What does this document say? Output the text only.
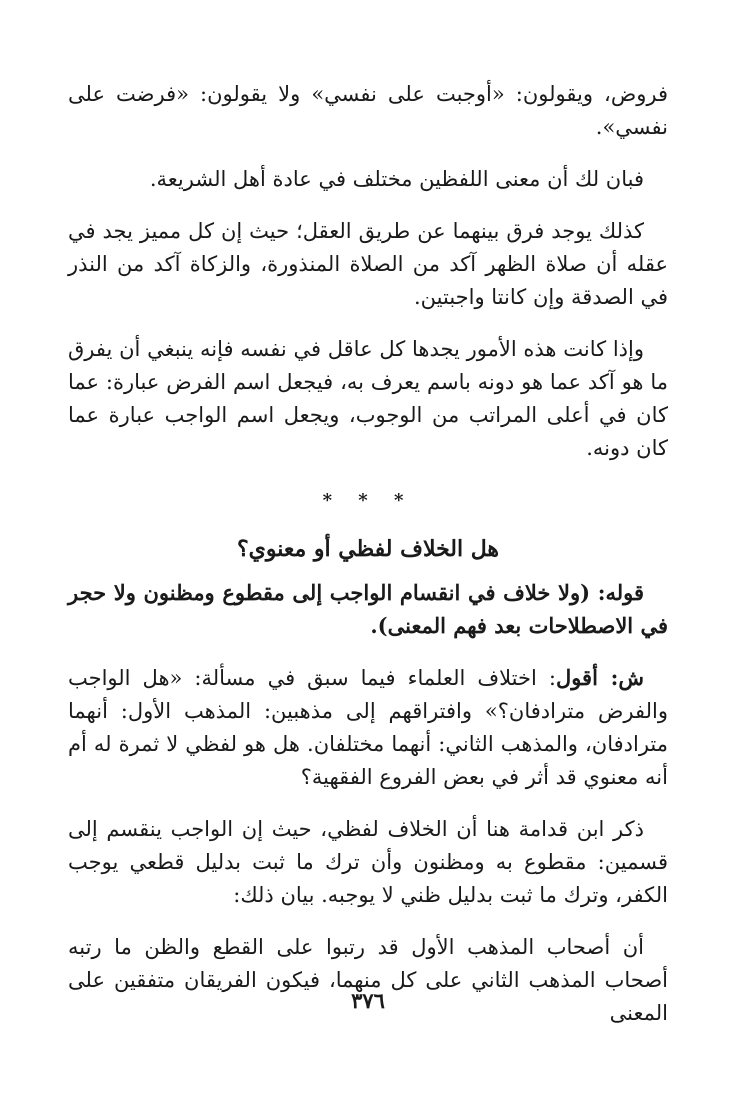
فروض، ويقولون: «أوجبت على نفسي» ولا يقولون: «فرضت على نفسي».

فبان لك أن معنى اللفظين مختلف في عادة أهل الشريعة.

كذلك يوجد فرق بينهما عن طريق العقل؛ حيث إن كل مميز يجد في عقله أن صلاة الظهر آكد من الصلاة المنذورة، والزكاة آكد من النذر في الصدقة وإن كانتا واجبتين.

وإذا كانت هذه الأمور يجدها كل عاقل في نفسه فإنه ينبغي أن يفرق ما هو آكد عما هو دونه باسم يعرف به، فيجعل اسم الفرض عبارة: عما كان في أعلى المراتب من الوجوب، ويجعل اسم الواجب عبارة عما كان دونه.

* * *
هل الخلاف لفظي أو معنوي؟

قوله: (ولا خلاف في انقسام الواجب إلى مقطوع ومظنون ولا حجر في الاصطلاحات بعد فهم المعنى).

ش: أقول: اختلاف العلماء فيما سبق في مسألة: «هل الواجب والفرض مترادفان؟» وافتراقهم إلى مذهبين: المذهب الأول: أنهما مترادفان، والمذهب الثاني: أنهما مختلفان. هل هو لفظي لا ثمرة له أم أنه معنوي قد أثر في بعض الفروع الفقهية؟

ذكر ابن قدامة هنا أن الخلاف لفظي، حيث إن الواجب ينقسم إلى قسمين: مقطوع به ومظنون وأن ترك ما ثبت بدليل قطعي يوجب الكفر، وترك ما ثبت بدليل ظني لا يوجبه. بيان ذلك:

أن أصحاب المذهب الأول قد رتبوا على القطع والظن ما رتبه أصحاب المذهب الثاني على كل منهما، فيكون الفريقان متفقين على المعنى

٣٧٦
